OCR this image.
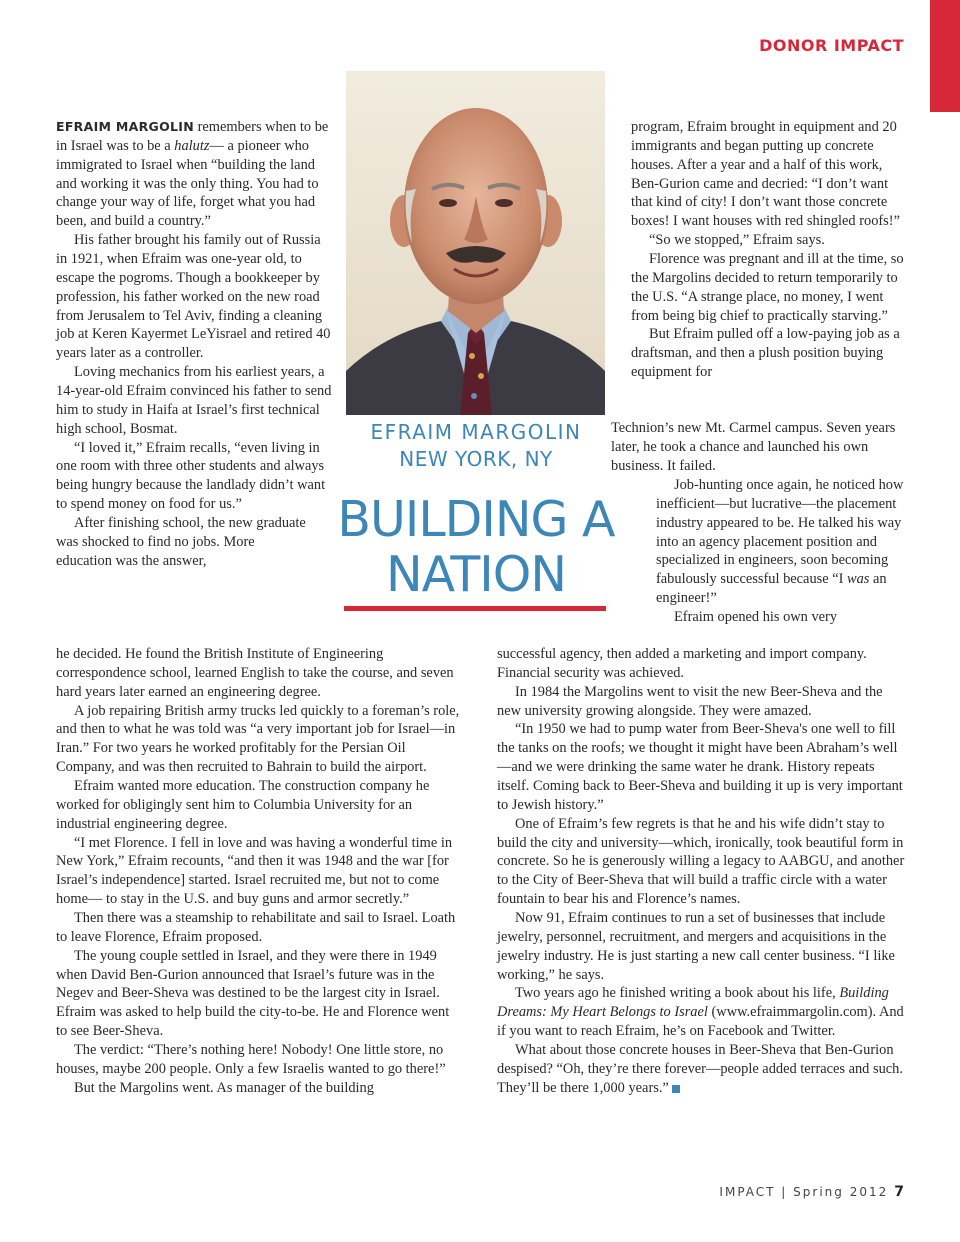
DONOR IMPACT
EFRAIM MARGOLIN
NEW YORK, NY
BUILDING A
NATION

EFRAIM MARGOLIN remembers when to be in Israel was to be a halutz— a pioneer who immigrated to Israel when “building the land and working it was the only thing. You had to change your way of life, forget what you had been, and build a country.”

His father brought his family out of Russia in 1921, when Efraim was one-year old, to escape the pogroms. Though a bookkeeper by profession, his father worked on the new road from Jerusalem to Tel Aviv, finding a cleaning job at Keren Kayermet LeYisrael and retired 40 years later as a controller.

Loving mechanics from his earliest years, a 14-year-old Efraim convinced his father to send him to study in Haifa at Israel’s first technical high school, Bosmat.

“I loved it,” Efraim recalls, “even living in one room with three other students and always being hungry because the landlady didn’t want to spend money on food for us.”

After finishing school, the new graduate was shocked to find no jobs. More education was the answer,

he decided. He found the British Institute of Engineering correspondence school, learned English to take the course, and seven hard years later earned an engineering degree.

A job repairing British army trucks led quickly to a foreman’s role, and then to what he was told was “a very important job for Israel—in Iran.” For two years he worked profitably for the Persian Oil Company, and was then recruited to Bahrain to build the airport.

Efraim wanted more education. The construction company he worked for obligingly sent him to Columbia University for an industrial engineering degree.

“I met Florence. I fell in love and was having a wonderful time in New York,” Efraim recounts, “and then it was 1948 and the war [for Israel’s independence] started. Israel recruited me, but not to come home— to stay in the U.S. and buy guns and armor secretly.”

Then there was a steamship to rehabilitate and sail to Israel. Loath to leave Florence, Efraim proposed.

The young couple settled in Israel, and they were there in 1949 when David Ben-Gurion announced that Israel’s future was in the Negev and Beer-Sheva was destined to be the largest city in Israel. Efraim was asked to help build the city-to-be. He and Florence went to see Beer-Sheva.

The verdict: “There’s nothing here! Nobody! One little store, no houses, maybe 200 people. Only a few Israelis wanted to go there!”

But the Margolins went. As manager of the building

program, Efraim brought in equipment and 20 immigrants and began putting up concrete houses. After a year and a half of this work, Ben-Gurion came and decried: “I don’t want that kind of city! I don’t want those concrete boxes! I want houses with red shingled roofs!”

“So we stopped,” Efraim says.

Florence was pregnant and ill at the time, so the Margolins decided to return temporarily to the U.S. “A strange place, no money, I went from being big chief to practically starving.”

But Efraim pulled off a low-paying job as a draftsman, and then a plush position buying equipment for

Technion’s new Mt. Carmel campus. Seven years later, he took a chance and launched his own business. It failed.

Job-hunting once again, he noticed how inefficient—but lucrative—the placement industry appeared to be. He talked his way into an agency placement position and specialized in engineers, soon becoming fabulously successful because “I was an engineer!”

Efraim opened his own very

successful agency, then added a marketing and import company. Financial security was achieved.

In 1984 the Margolins went to visit the new Beer-Sheva and the new university growing alongside. They were amazed.

“In 1950 we had to pump water from Beer-Sheva's one well to fill the tanks on the roofs; we thought it might have been Abraham’s well—and we were drinking the same water he drank. History repeats itself. Coming back to Beer-Sheva and building it up is very important to Jewish history.”

One of Efraim’s few regrets is that he and his wife didn’t stay to build the city and university—which, ironically, took beautiful form in concrete. So he is generously willing a legacy to AABGU, and another to the City of Beer-Sheva that will build a traffic circle with a water fountain to bear his and Florence’s names.

Now 91, Efraim continues to run a set of businesses that include jewelry, personnel, recruitment, and mergers and acquisitions in the jewelry industry. He is just starting a new call center business. “I like working,” he says.

Two years ago he finished writing a book about his life, Building Dreams: My Heart Belongs to Israel (www.efraimmargolin.com). And if you want to reach Efraim, he’s on Facebook and Twitter.

What about those concrete houses in Beer-Sheva that Ben-Gurion despised? “Oh, they’re there forever—people added terraces and such. They’ll be there 1,000 years.”

IMPACT | Spring 2012 7
